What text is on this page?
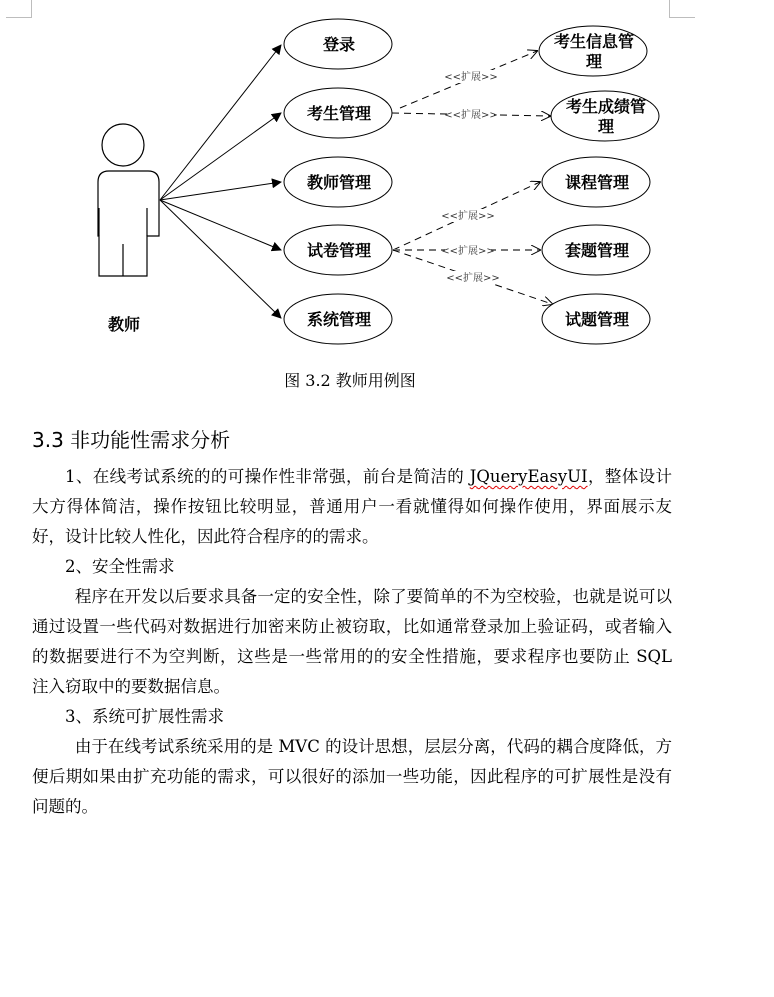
教师
登录
考生管理
教师管理
试卷管理
系统管理
<<扩展>>
<<扩展>>
<<扩展>>
<<扩展>>
<<扩展>>
考生信息管
理
考生成绩管
理
课程管理
套题管理
试题管理
图 3.2 教师用例图
3.3 非功能性需求分析

1、在线考试系统的的可操作性非常强，前台是简洁的 JQueryEasyUI，整体设计大方得体简洁，操作按钮比较明显，普通用户一看就懂得如何操作使用，界面展示友好，设计比较人性化，因此符合程序的的需求。

2、安全性需求

程序在开发以后要求具备一定的安全性，除了要简单的不为空校验，也就是说可以通过设置一些代码对数据进行加密来防止被窃取，比如通常登录加上验证码，或者输入的数据要进行不为空判断，这些是一些常用的的安全性措施，要求程序也要防止 SQL 注入窃取中的要数据信息。

3、系统可扩展性需求

由于在线考试系统采用的是 MVC 的设计思想，层层分离，代码的耦合度降低，方便后期如果由扩充功能的需求，可以很好的添加一些功能，因此程序的可扩展性是没有问题的。
